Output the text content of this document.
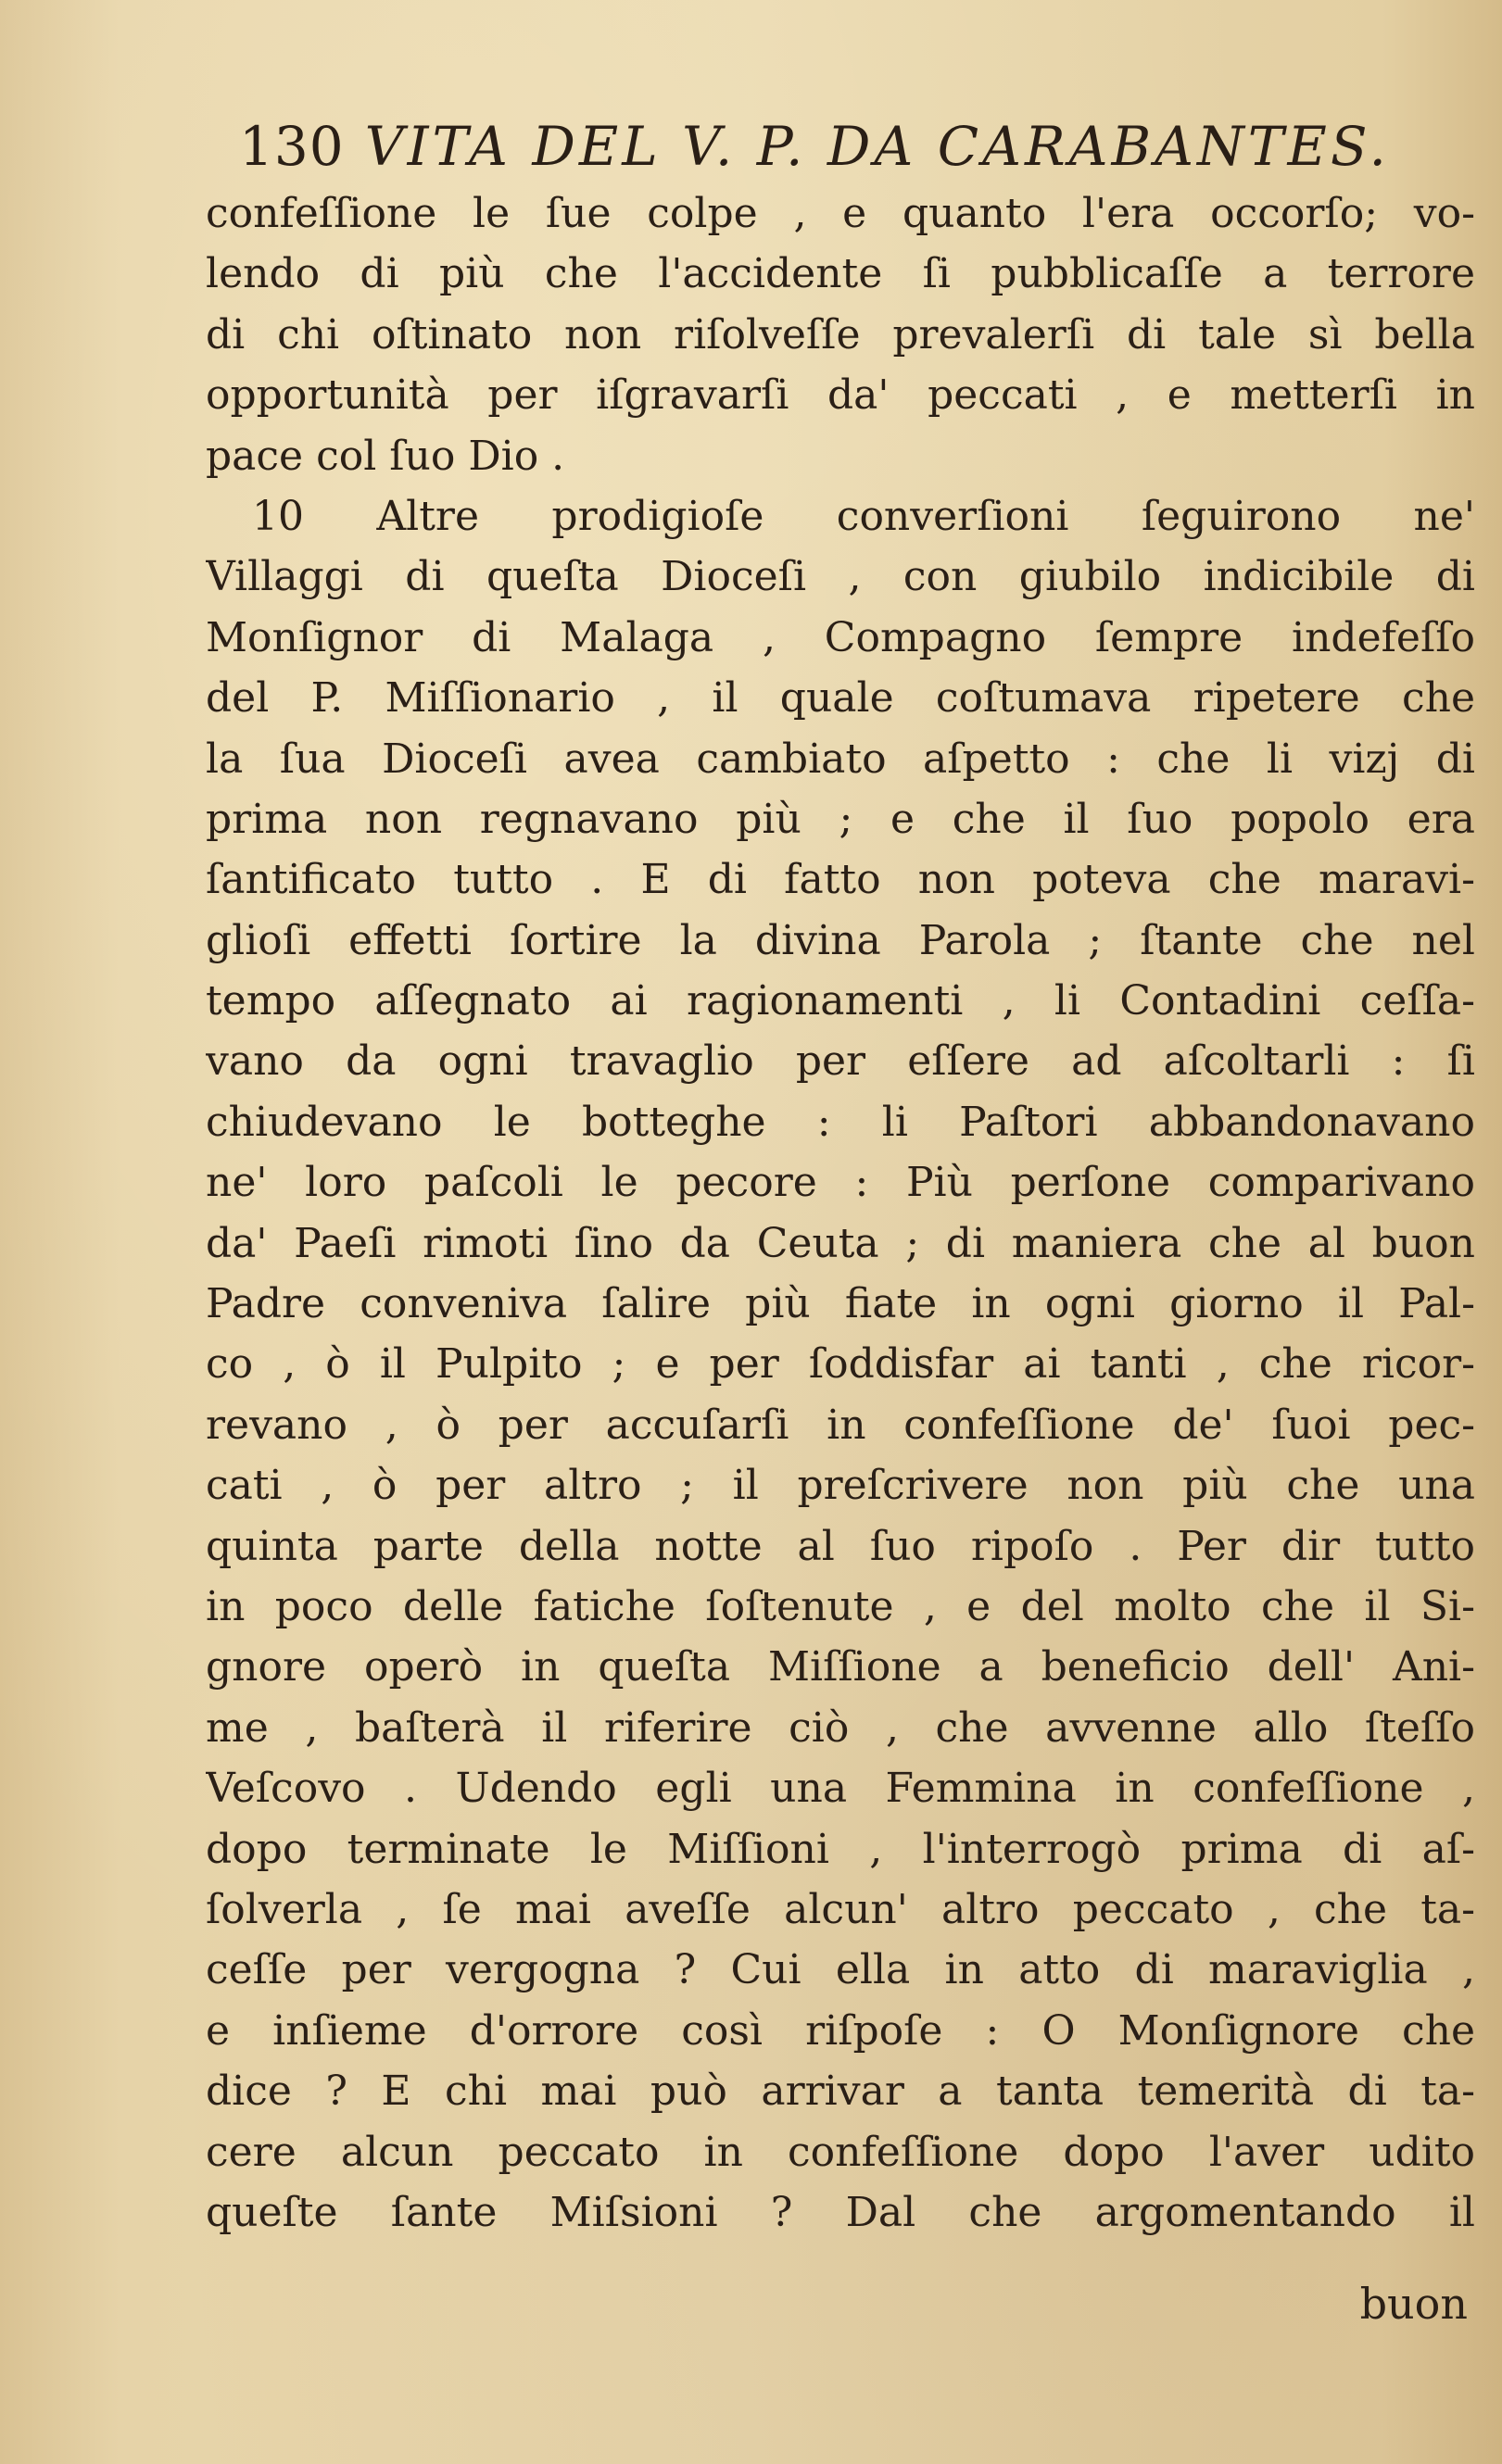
130 VITA DEL V. P. DA CARABANTES.
confeſſione le ſue colpe , e quanto l'era occorſo; vo-
lendo di più che l'accidente ſi pubblicaſſe a terrore
di chi oſtinato non riſolveſſe prevalerſi di tale sì bella
opportunità per iſgravarſi da' peccati , e metterſi in
pace col ſuo Dio .
10 Altre prodigioſe converſioni ſeguirono ne'
Villaggi di queſta Dioceſi , con giubilo indicibile di
Monſignor di Malaga , Compagno ſempre indefeſſo
del P. Miſſionario , il quale coſtumava ripetere che
la ſua Dioceſi avea cambiato aſpetto : che li vizj di
prima non regnavano più ; e che il ſuo popolo era
ſantificato tutto . E di fatto non poteva che maravi-
glioſi effetti ſortire la divina Parola ; ſtante che nel
tempo aſſegnato ai ragionamenti , li Contadini ceſſa-
vano da ogni travaglio per eſſere ad aſcoltarli : ſi
chiudevano le botteghe : li Paſtori abbandonavano
ne' loro paſcoli le pecore : Più perſone comparivano
da' Paeſi rimoti ſino da Ceuta ; di maniera che al buon
Padre conveniva ſalire più fiate in ogni giorno il Pal-
co , ò il Pulpito ; e per ſoddisfar ai tanti , che ricor-
revano , ò per accuſarſi in confeſſione de' ſuoi pec-
cati , ò per altro ; il preſcrivere non più che una
quinta parte della notte al ſuo ripoſo . Per dir tutto
in poco delle fatiche ſoſtenute , e del molto che il Si-
gnore operò in queſta Miſſione a beneficio dell' Ani-
me , baſterà il riferire ciò , che avvenne allo ſteſſo
Veſcovo . Udendo egli una Femmina in confeſſione ,
dopo terminate le Miſſioni , l'interrogò prima di aſ-
ſolverla , ſe mai aveſſe alcun' altro peccato , che ta-
ceſſe per vergogna ? Cui ella in atto di maraviglia ,
e inſieme d'orrore così riſpoſe : O Monſignore che
dice ? E chi mai può arrivar a tanta temerità di ta-
cere alcun peccato in confeſſione dopo l'aver udito
queſte ſante Miſsioni ? Dal che argomentando il
buon
